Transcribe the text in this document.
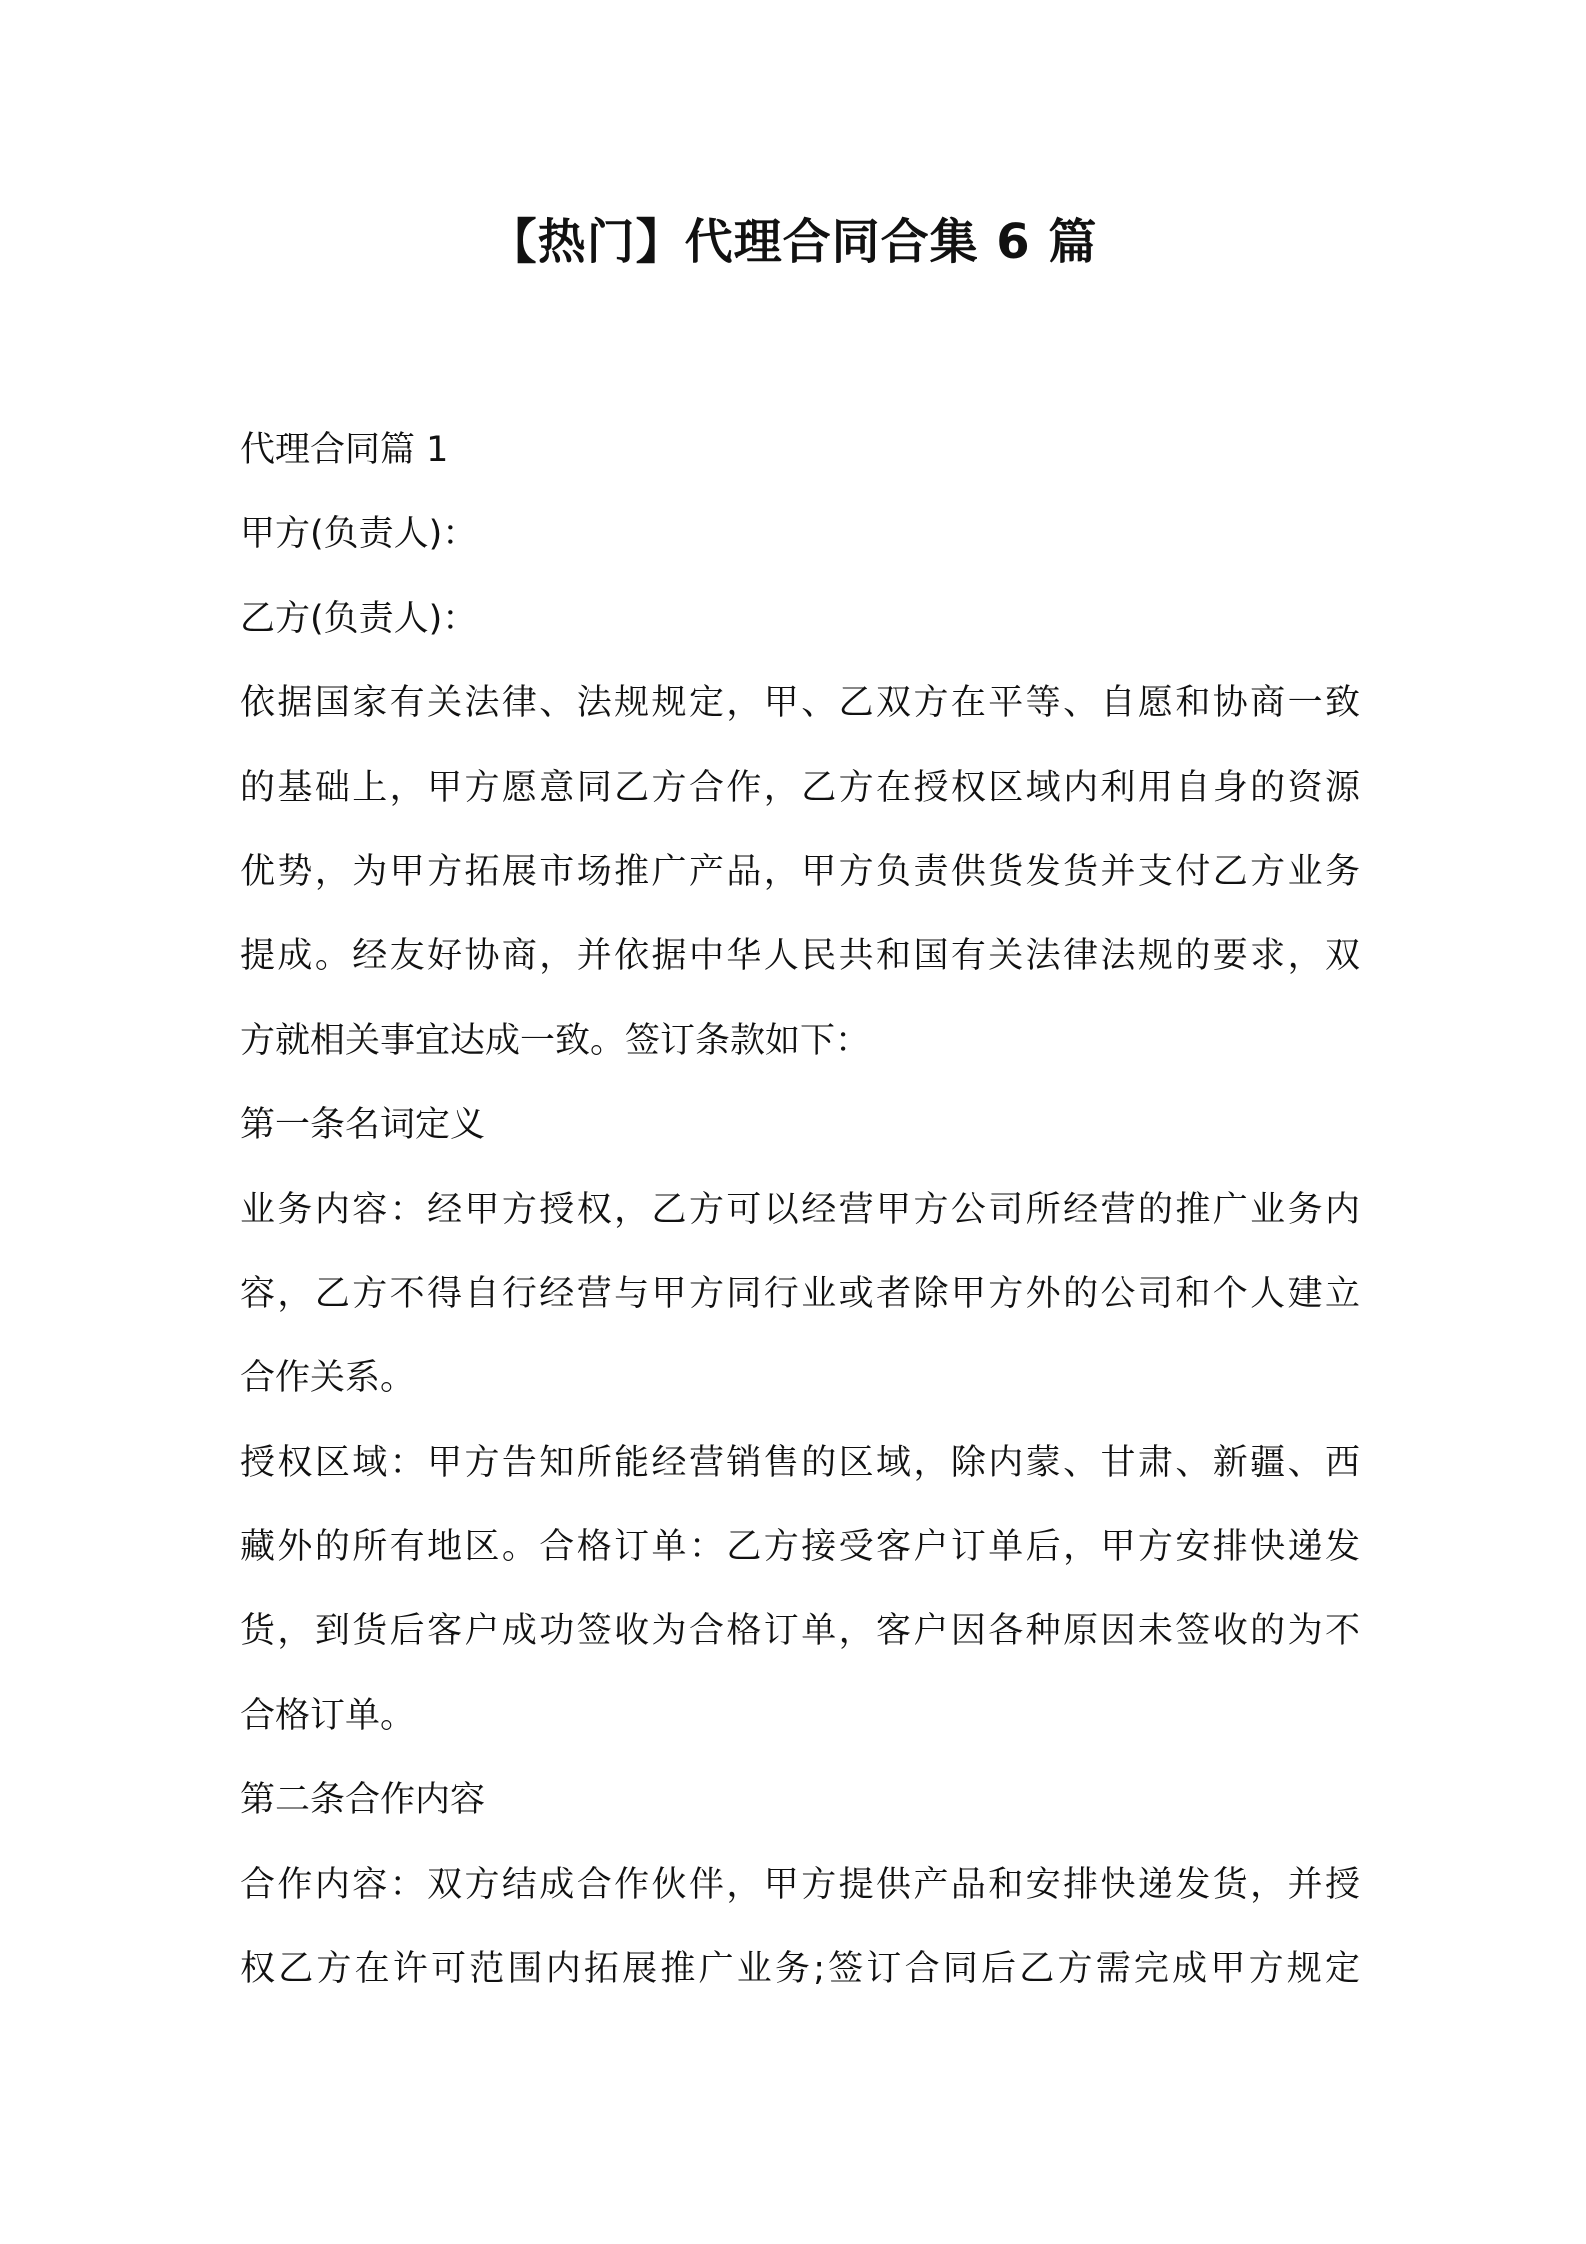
【热门】代理合同合集 6 篇
代理合同篇 1
甲方(负责人)：
乙方(负责人)：
依据国家有关法律、法规规定，甲、乙双方在平等、自愿和协商一致
的基础上，甲方愿意同乙方合作，乙方在授权区域内利用自身的资源
优势，为甲方拓展市场推广产品，甲方负责供货发货并支付乙方业务
提成。经友好协商，并依据中华人民共和国有关法律法规的要求，双
方就相关事宜达成一致。签订条款如下：
第一条名词定义
业务内容：经甲方授权，乙方可以经营甲方公司所经营的推广业务内
容，乙方不得自行经营与甲方同行业或者除甲方外的公司和个人建立
合作关系。
授权区域：甲方告知所能经营销售的区域，除内蒙、甘肃、新疆、西
藏外的所有地区。合格订单：乙方接受客户订单后，甲方安排快递发
货，到货后客户成功签收为合格订单，客户因各种原因未签收的为不
合格订单。
第二条合作内容
合作内容：双方结成合作伙伴，甲方提供产品和安排快递发货，并授
权乙方在许可范围内拓展推广业务;签订合同后乙方需完成甲方规定
